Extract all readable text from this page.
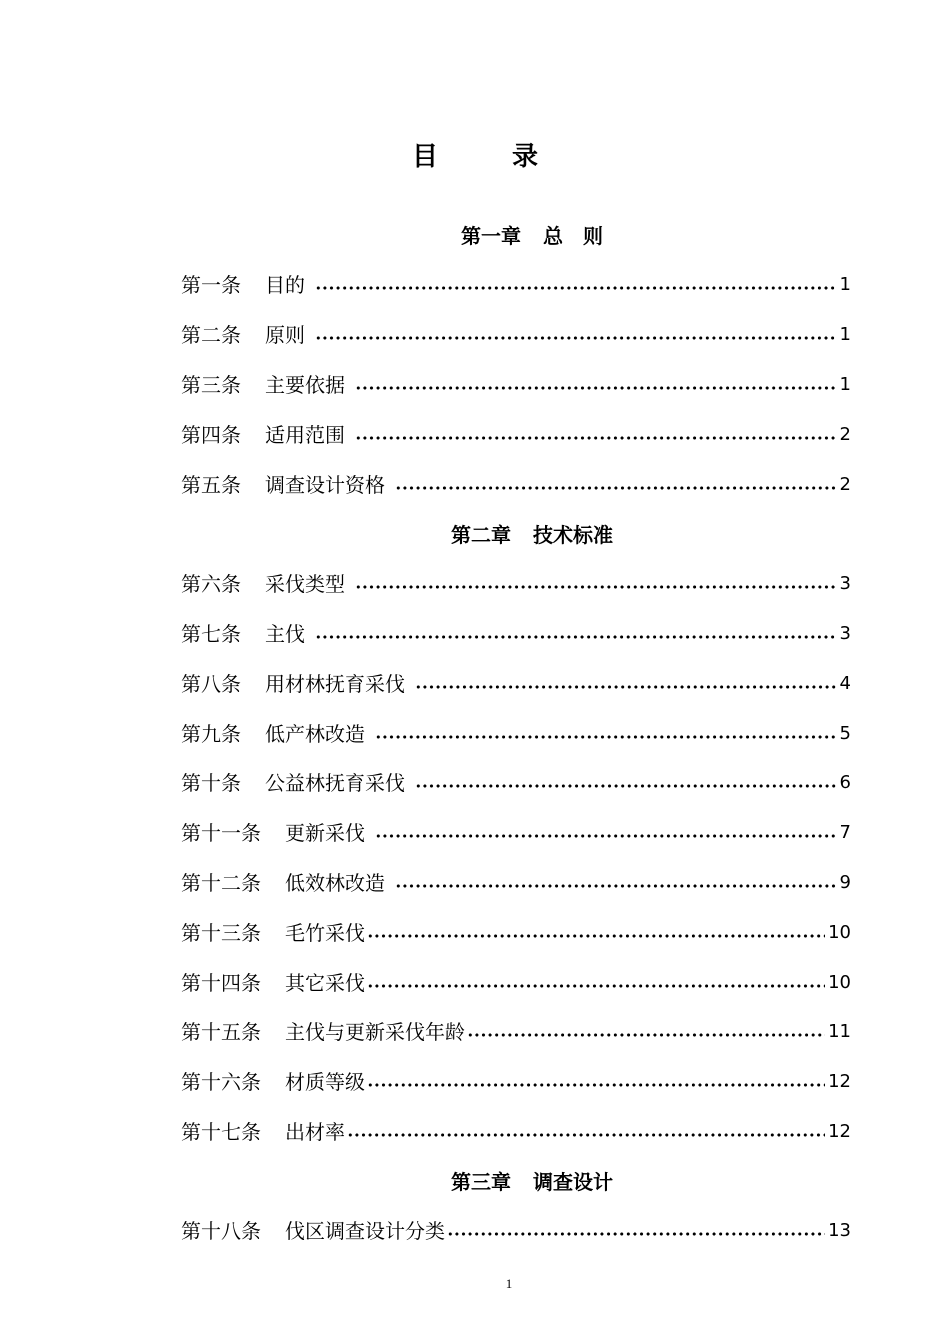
目	录
第一章 总　则
第一条 目的	1
第二条 原则	1
第三条 主要依据	1
第四条 适用范围	2
第五条 调查设计资格	2
第二章 技术标准
第六条 采伐类型	3
第七条 主伐	3
第八条 用材林抚育采伐	4
第九条 低产林改造	5
第十条 公益林抚育采伐	6
第十一条 更新采伐	7
第十二条 低效林改造	9
第十三条 毛竹采伐	10
第十四条 其它采伐	10
第十五条 主伐与更新采伐年龄	11
第十六条 材质等级	12
第十七条 出材率	12
第三章 调查设计
第十八条 伐区调查设计分类	13
1
